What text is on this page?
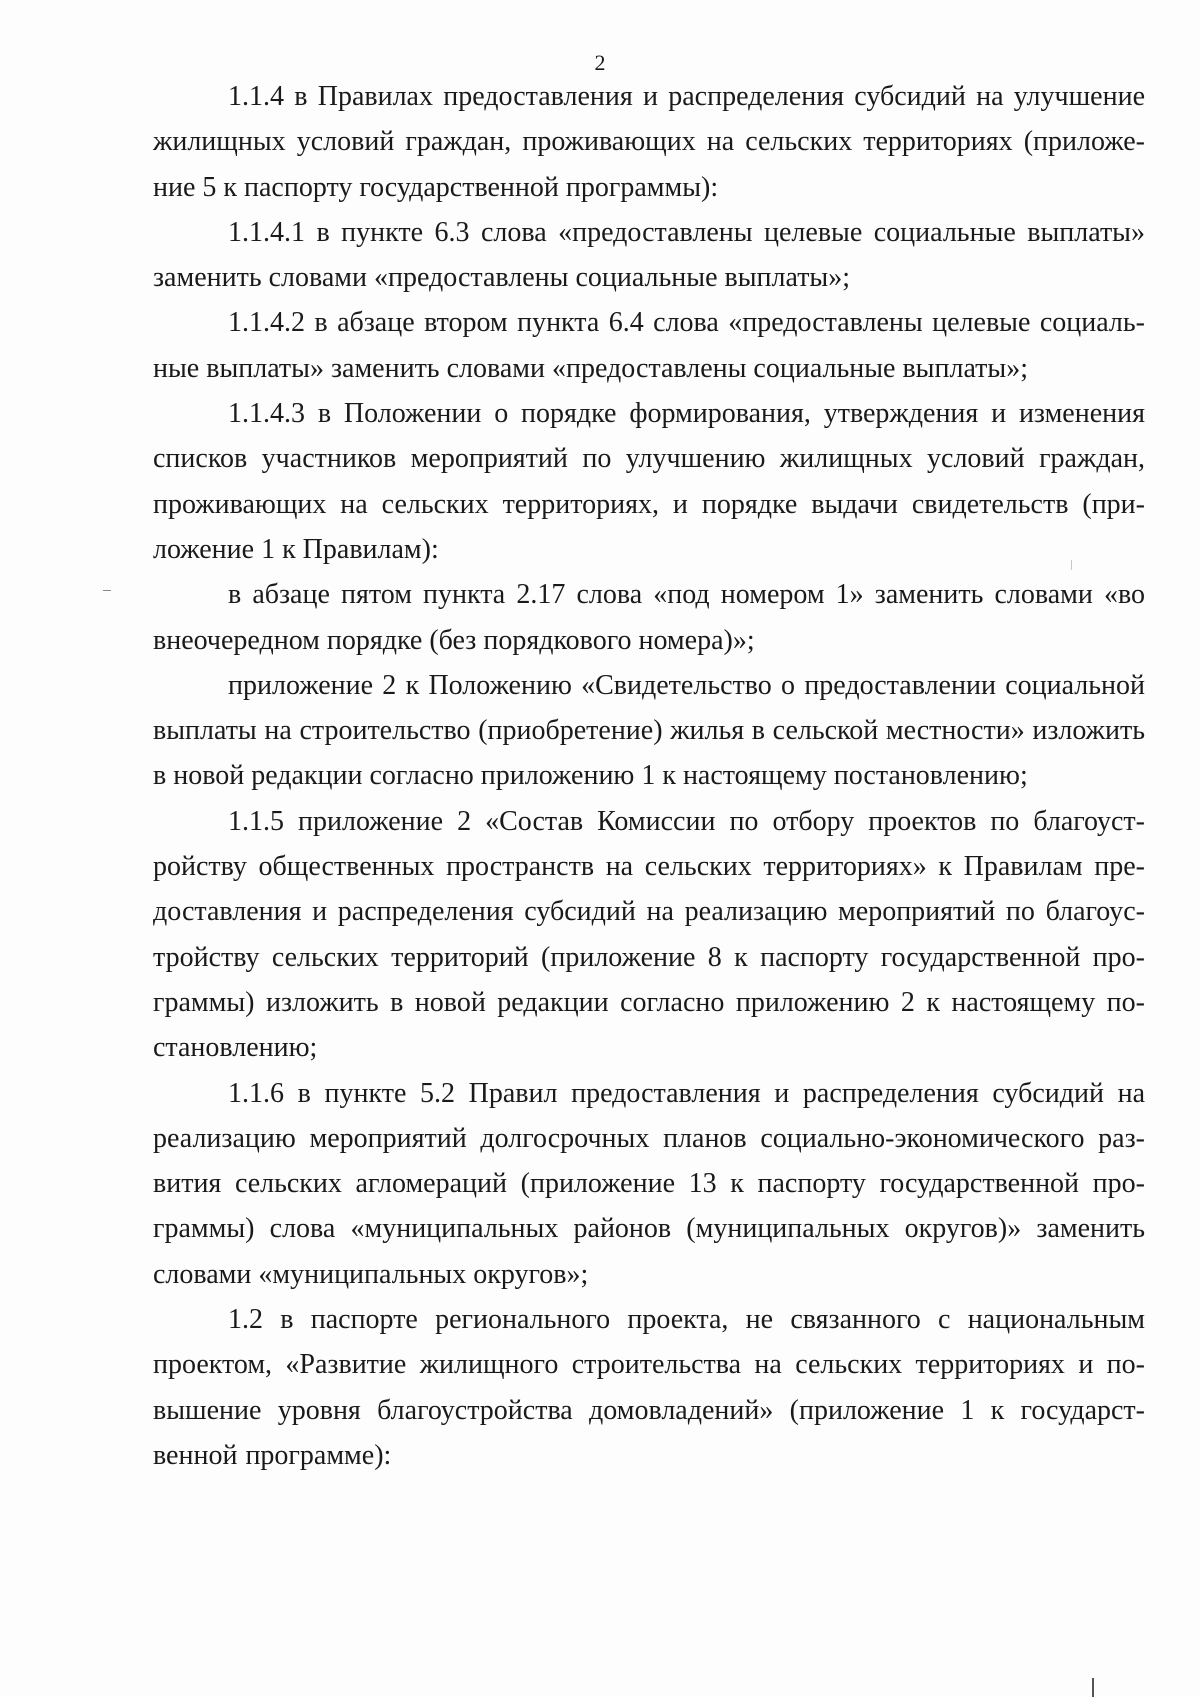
2

1.1.4 в Правилах предоставления и распределения субсидий на улучшение жилищных условий граждан, проживающих на сельских территориях (приложение 5 к паспорту государственной программы):

1.1.4.1 в пункте 6.3 слова «предоставлены целевые социальные выплаты» заменить словами «предоставлены социальные выплаты»;

1.1.4.2 в абзаце втором пункта 6.4 слова «предоставлены целевые социальные выплаты» заменить словами «предоставлены социальные выплаты»;

1.1.4.3 в Положении о порядке формирования, утверждения и изменения списков участников мероприятий по улучшению жилищных условий граждан, проживающих на сельских территориях, и порядке выдачи свидетельств (приложение 1 к Правилам):

в абзаце пятом пункта 2.17 слова «под номером 1» заменить словами «во внеочередном порядке (без порядкового номера)»;

приложение 2 к Положению «Свидетельство о предоставлении социальной выплаты на строительство (приобретение) жилья в сельской местности» изложить в новой редакции согласно приложению 1 к настоящему постановлению;

1.1.5 приложение 2 «Состав Комиссии по отбору проектов по благоустройству общественных пространств на сельских территориях» к Правилам предоставления и распределения субсидий на реализацию мероприятий по благоустройству сельских территорий (приложение 8 к паспорту государственной программы) изложить в новой редакции согласно приложению 2 к настоящему постановлению;

1.1.6 в пункте 5.2 Правил предоставления и распределения субсидий на реализацию мероприятий долгосрочных планов социально-экономического развития сельских агломераций (приложение 13 к паспорту государственной программы) слова «муниципальных районов (муниципальных округов)» заменить словами «муниципальных округов»;

1.2 в паспорте регионального проекта, не связанного с национальным проектом, «Развитие жилищного строительства на сельских территориях и повышение уровня благоустройства домовладений» (приложение 1 к государственной программе):
